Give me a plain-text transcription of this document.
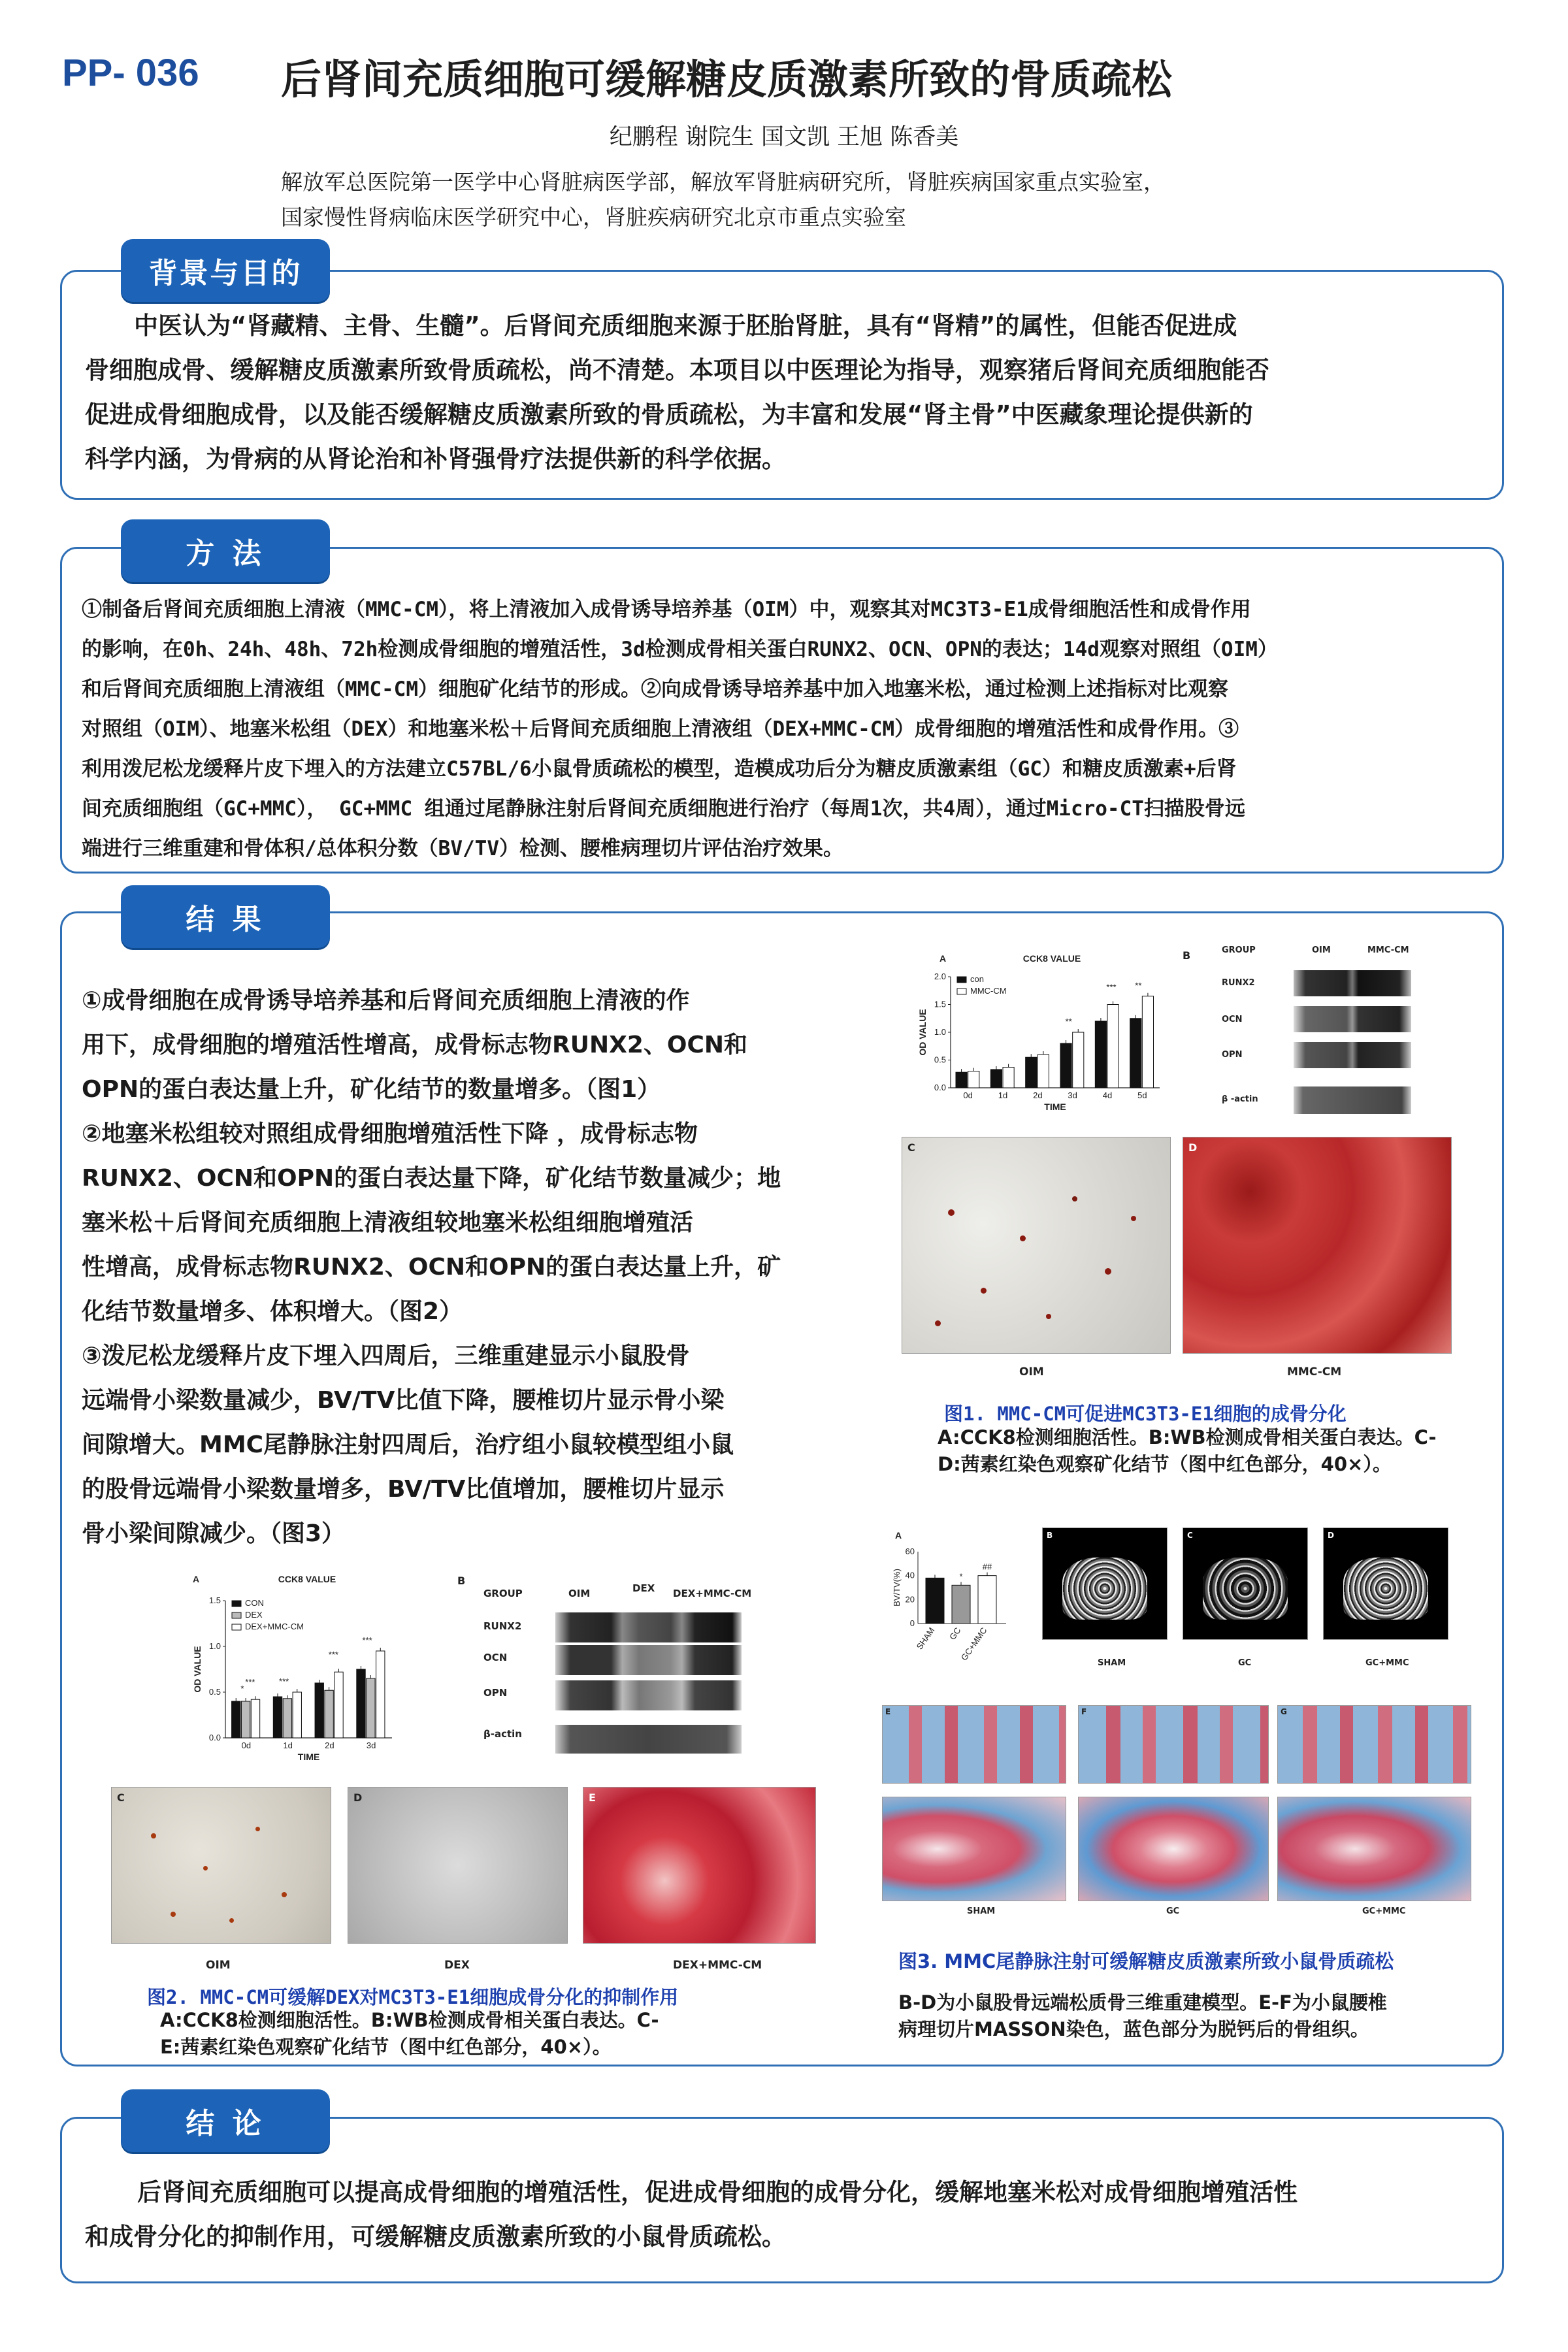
PP- 036 后肾间充质细胞可缓解糖皮质激素所致的骨质疏松
纪鹏程 谢院生 国文凯 王旭 陈香美
解放军总医院第一医学中心肾脏病医学部，解放军肾脏病研究所，肾脏疾病国家重点实验室，
国家慢性肾病临床医学研究中心，肾脏疾病研究北京市重点实验室
背景与目的
中医认为“肾藏精、主骨、生髓”。后肾间充质细胞来源于胚胎肾脏，具有“肾精”的属性，但能否促进成
骨细胞成骨、缓解糖皮质激素所致骨质疏松，尚不清楚。本项目以中医理论为指导，观察猪后肾间充质细胞能否
促进成骨细胞成骨，以及能否缓解糖皮质激素所致的骨质疏松，为丰富和发展“肾主骨”中医藏象理论提供新的
科学内涵，为骨病的从肾论治和补肾强骨疗法提供新的科学依据。
方 法
①制备后肾间充质细胞上清液（MMC-CM），将上清液加入成骨诱导培养基（OIM）中，观察其对MC3T3-E1成骨细胞活性和成骨作用
的影响，在0h、24h、48h、72h检测成骨细胞的增殖活性，3d检测成骨相关蛋白RUNX2、OCN、OPN的表达；14d观察对照组（OIM）
和后肾间充质细胞上清液组（MMC-CM）细胞矿化结节的形成。②向成骨诱导培养基中加入地塞米松，通过检测上述指标对比观察
对照组（OIM）、地塞米松组（DEX）和地塞米松＋后肾间充质细胞上清液组（DEX+MMC-CM）成骨细胞的增殖活性和成骨作用。③
利用泼尼松龙缓释片皮下埋入的方法建立C57BL/6小鼠骨质疏松的模型，造模成功后分为糖皮质激素组（GC）和糖皮质激素+后肾
间充质细胞组（GC+MMC）， GC+MMC 组通过尾静脉注射后肾间充质细胞进行治疗（每周1次，共4周），通过Micro-CT扫描股骨远
端进行三维重建和骨体积/总体积分数（BV/TV）检测、腰椎病理切片评估治疗效果。
结 果
①成骨细胞在成骨诱导培养基和后肾间充质细胞上清液的作
用下，成骨细胞的增殖活性增高，成骨标志物RUNX2、OCN和
OPN的蛋白表达量上升，矿化结节的数量增多。（图1）
②地塞米松组较对照组成骨细胞增殖活性下降 ，成骨标志物
RUNX2、OCN和OPN的蛋白表达量下降，矿化结节数量减少；地
塞米松＋后肾间充质细胞上清液组较地塞米松组细胞增殖活
性增高，成骨标志物RUNX2、OCN和OPN的蛋白表达量上升，矿
化结节数量增多、体积增大。（图2）
③泼尼松龙缓释片皮下埋入四周后，三维重建显示小鼠股骨
远端骨小梁数量减少，BV/TV比值下降，腰椎切片显示骨小梁
间隙增大。MMC尾静脉注射四周后，治疗组小鼠较模型组小鼠
的股骨远端骨小梁数量增多，BV/TV比值增加，腰椎切片显示
骨小梁间隙减少。（图3）
A	CCK8 VALUE
0.0
0.5
1.0
1.5
2.0
0d	1d	2d	3d	4d	5d
TIME
OD VALUE
con
MMC-CM
**
*** **
B	GROUP	OIM	MMC-CM
RUNX2
OCN
OPN
β -actin
C	D
OIM	MMC-CM
图1. MMC-CM可促进MC3T3-E1细胞的成骨分化
A:CCK8检测细胞活性。B:WB检测成骨相关蛋白表达。C-
D:茜素红染色观察矿化结节（图中红色部分，40×）。
A	CCK8 VALUE
0.0
0.5
1.0
1.5
0d	1d	2d	3d
TIME
OD VALUE
CON
DEX
DEX+MMC-CM
*
***	***
***
***
B
GROUP	OIM	DEX DEX+MMC-CM
RUNX2
OCN
OPN
β-actin
C	D	E
OIM	DEX	DEX+MMC-CM
图2. MMC-CM可缓解DEX对MC3T3-E1细胞成骨分化的抑制作用
A:CCK8检测细胞活性。B:WB检测成骨相关蛋白表达。C-
E:茜素红染色观察矿化结节（图中红色部分，40×）。
A
0
20
40
60
BV/TV(%)
SHAM GC
GC+MMC
*
##
B	C	D
SHAM	GC	GC+MMC
E	F	G
SHAM	GC	GC+MMC
图3. MMC尾静脉注射可缓解糖皮质激素所致小鼠骨质疏松
B-D为小鼠股骨远端松质骨三维重建模型。E-F为小鼠腰椎
病理切片MASSON染色，蓝色部分为脱钙后的骨组织。
结 论
后肾间充质细胞可以提高成骨细胞的增殖活性，促进成骨细胞的成骨分化，缓解地塞米松对成骨细胞增殖活性
和成骨分化的抑制作用，可缓解糖皮质激素所致的小鼠骨质疏松。
